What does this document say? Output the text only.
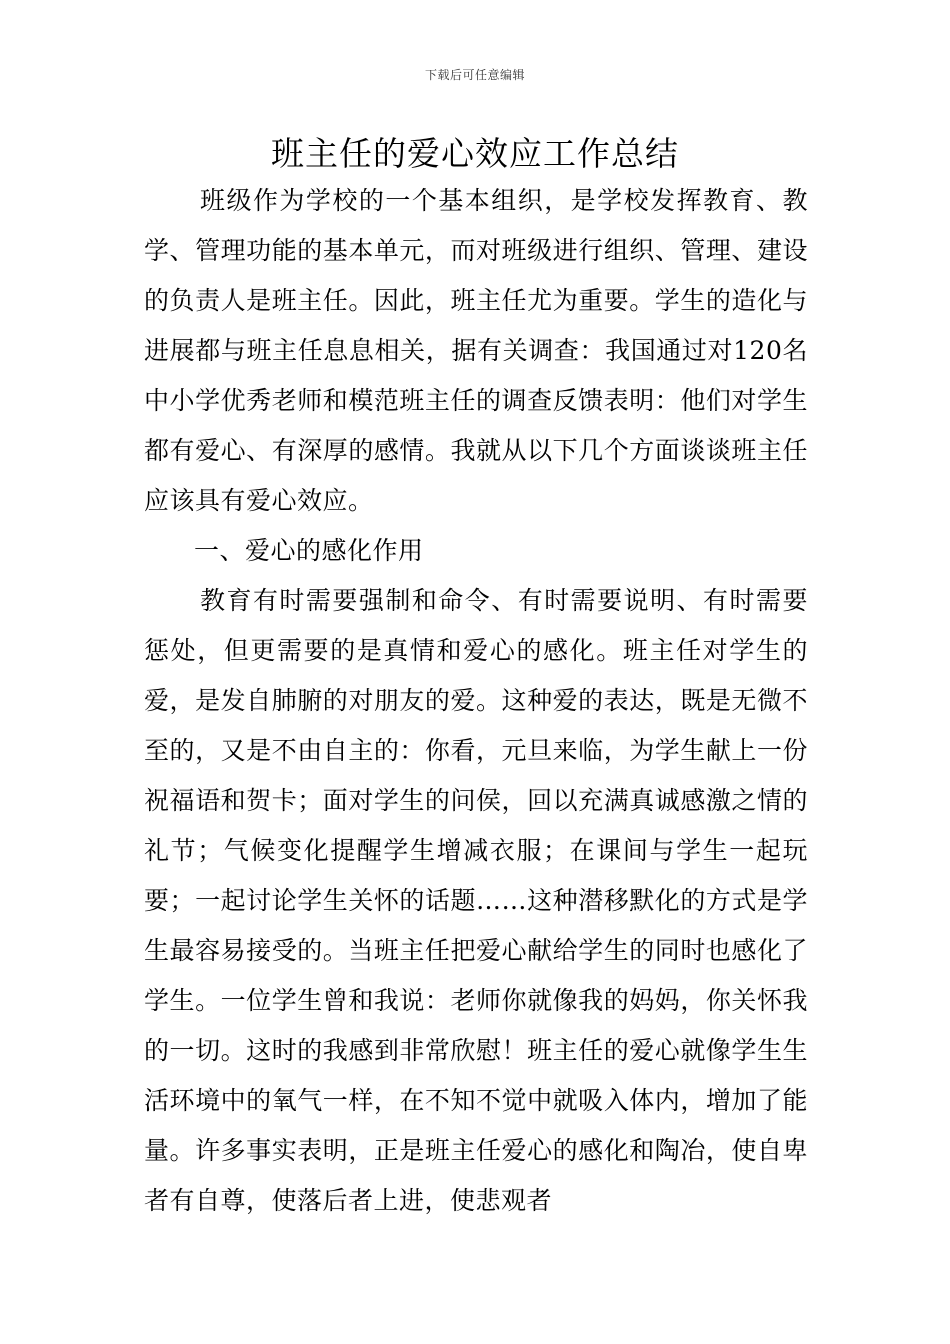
下载后可任意编辑
班主任的爱心效应工作总结

班级作为学校的一个基本组织，是学校发挥教育、教学、管理功能的基本单元，而对班级进行组织、管理、建设的负责人是班主任。因此，班主任尤为重要。学生的造化与进展都与班主任息息相关，据有关调查：我国通过对120名中小学优秀老师和模范班主任的调查反馈表明：他们对学生都有爱心、有深厚的感情。我就从以下几个方面谈谈班主任应该具有爱心效应。

一、爱心的感化作用

教育有时需要强制和命令、有时需要说明、有时需要惩处，但更需要的是真情和爱心的感化。班主任对学生的爱，是发自肺腑的对朋友的爱。这种爱的表达，既是无微不至的，又是不由自主的：你看，元旦来临，为学生献上一份祝福语和贺卡；面对学生的问侯，回以充满真诚感激之情的礼节；气候变化提醒学生增减衣服；在课间与学生一起玩要；一起讨论学生关怀的话题……这种潜移默化的方式是学生最容易接受的。当班主任把爱心献给学生的同时也感化了学生。一位学生曾和我说：老师你就像我的妈妈，你关怀我的一切。这时的我感到非常欣慰！班主任的爱心就像学生生活环境中的氧气一样，在不知不觉中就吸入体内，增加了能量。许多事实表明，正是班主任爱心的感化和陶冶，使自卑者有自尊，使落后者上进，使悲观者
